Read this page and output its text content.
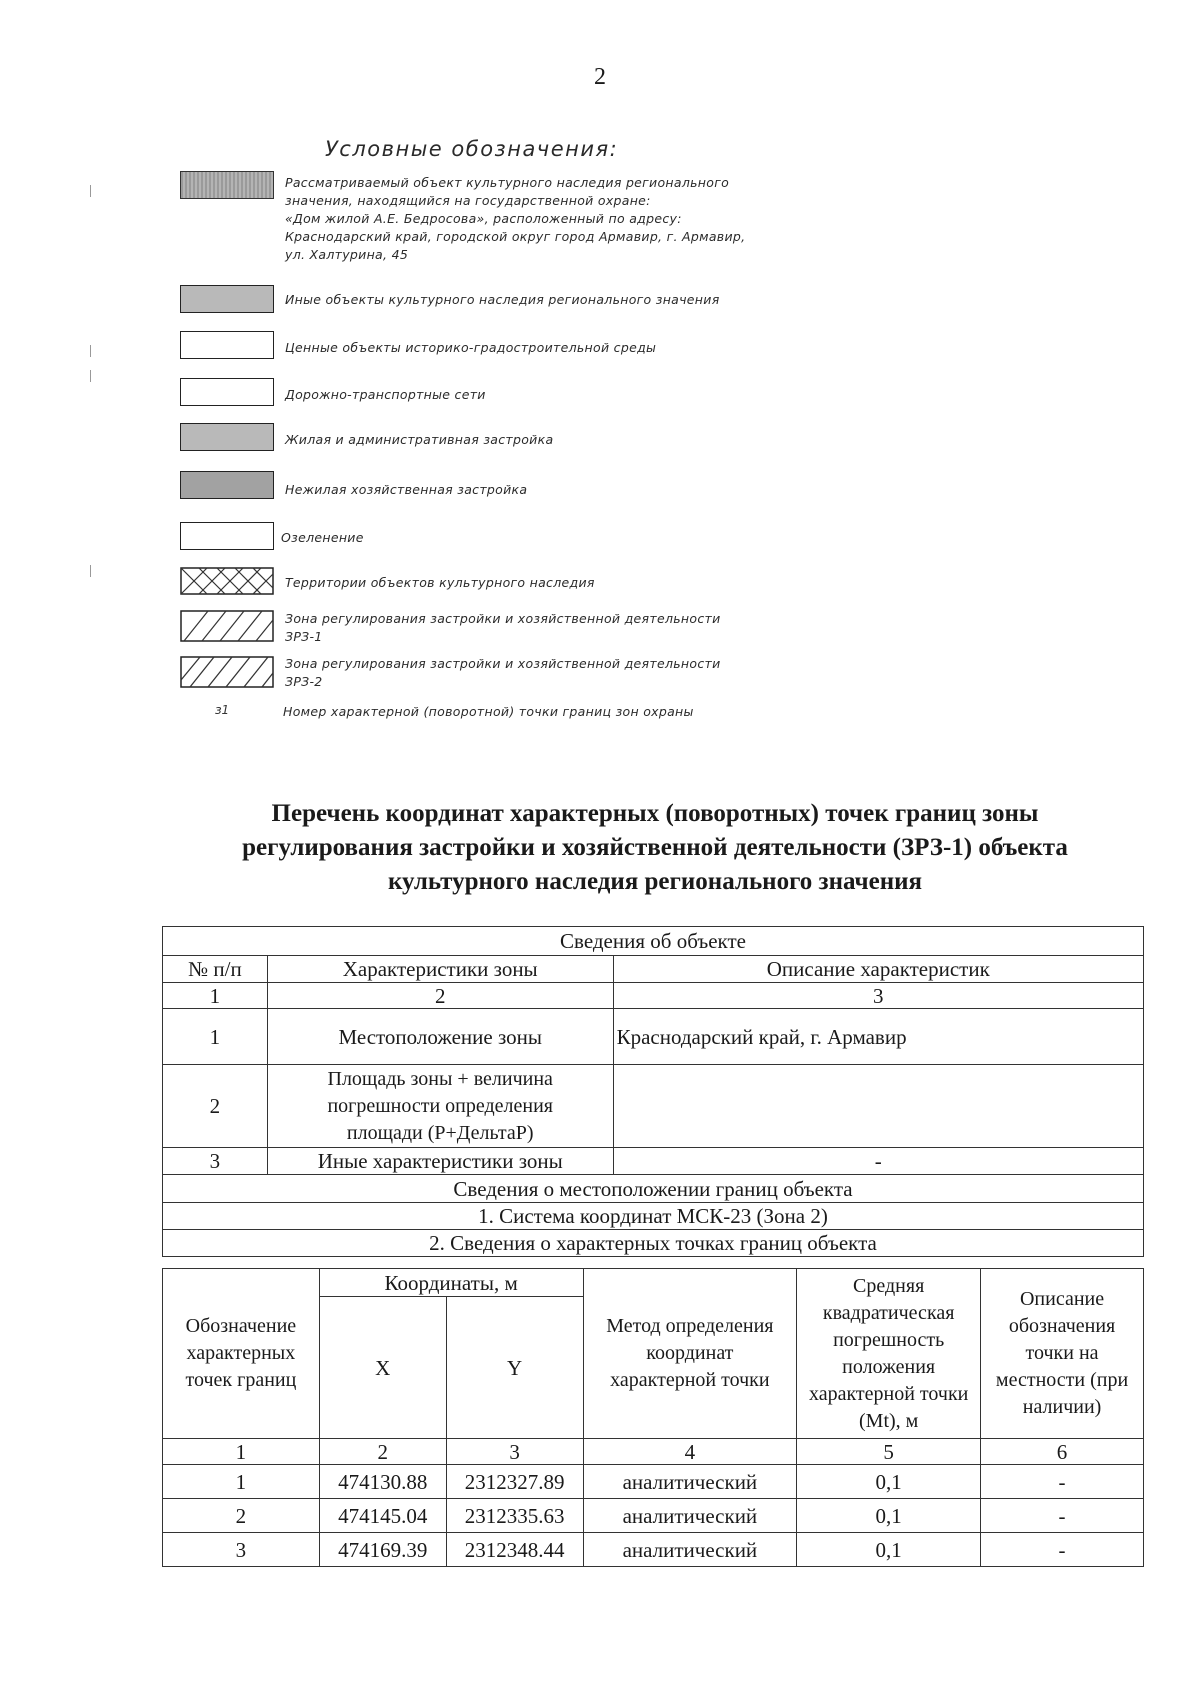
2
Условные обозначения:
Рассматриваемый объект культурного наследия регионального
значения, находящийся на государственной охране:
«Дом жилой А.Е. Бедросова», расположенный по адресу:
Краснодарский край, городской округ город Армавир, г. Армавир,
ул. Халтурина, 45
Иные объекты культурного наследия регионального значения
Ценные объекты историко-градостроительной среды
Дорожно-транспортные сети
Жилая и административная застройка
Нежилая хозяйственная застройка
Озеленение
Территории объектов культурного наследия
Зона регулирования застройки и хозяйственной деятельности
ЗРЗ-1
Зона регулирования застройки и хозяйственной деятельности
ЗРЗ-2
ɜ1	Номер характерной (поворотной) точки границ зон охраны
Перечень координат характерных (поворотных) точек границ зоны
регулирования застройки и хозяйственной деятельности (ЗРЗ-1) объекта
культурного наследия регионального значения
Сведения об объекте		
№ п/п	Характеристики зоны	Описание характеристик
1	2	3
1	Местоположение зоны	Краснодарский край, г. Армавир
2	Площадь зоны + величина погрешности определения площади (P+ДельтаP)	
3	Иные характеристики зоны	-
Сведения о местоположении границ объекта		
1. Система координат МСК-23 (Зона 2)		
2. Сведения о характерных точках границ объекта		
Обозначение характерных точек границ	Координаты, м		Метод определения координат характерной точки	Средняя квадратическая погрешность положения характерной точки (Mt), м	Описание обозначения точки на местности (при наличии)
	X	Y			
1	2	3	4	5	6
1	474130.88	2312327.89	аналитический	0,1	-
2	474145.04	2312335.63	аналитический	0,1	-
3	474169.39	2312348.44	аналитический	0,1	-
